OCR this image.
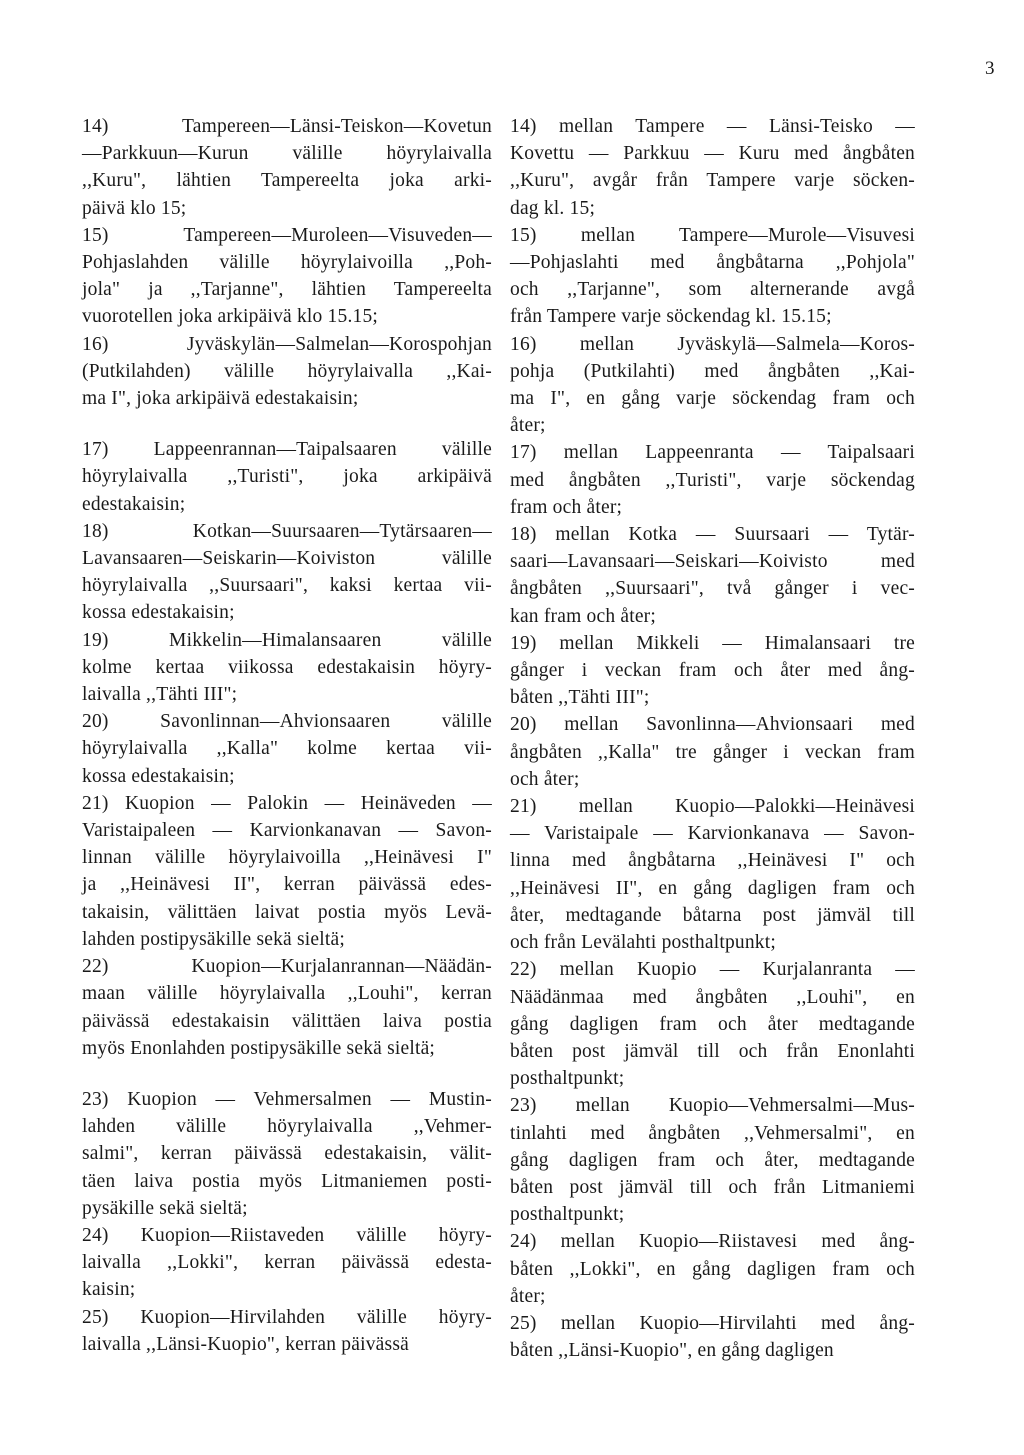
3
14) Tampereen—Länsi-Teiskon—Kovetun
—Parkkuun—Kurun välille höyrylaivalla
,,Kuru", lähtien Tampereelta joka arki-
päivä klo 15;
15) Tampereen—Muroleen—Visuveden—
Pohjaslahden välille höyrylaivoilla ,,Poh-
jola" ja ,,Tarjanne", lähtien Tampereelta
vuorotellen joka arkipäivä klo 15.15;
16) Jyväskylän—Salmelan—Korospohjan
(Putkilahden) välille höyrylaivalla ,,Kai-
ma I", joka arkipäivä edestakaisin;
17) Lappeenrannan—Taipalsaaren välille
höyrylaivalla ,,Turisti", joka arkipäivä
edestakaisin;
18) Kotkan—Suursaaren—Tytärsaaren—
Lavansaaren—Seiskarin—Koiviston välille
höyrylaivalla ,,Suursaari", kaksi kertaa vii-
kossa edestakaisin;
19) Mikkelin—Himalansaaren välille
kolme kertaa viikossa edestakaisin höyry-
laivalla ,,Tähti III";
20) Savonlinnan—Ahvionsaaren välille
höyrylaivalla ,,Kalla" kolme kertaa vii-
kossa edestakaisin;
21) Kuopion — Palokin — Heinäveden —
Varistaipaleen — Karvionkanavan — Savon-
linnan välille höyrylaivoilla ,,Heinävesi I"
ja ,,Heinävesi II", kerran päivässä edes-
takaisin, välittäen laivat postia myös Levä-
lahden postipysäkille sekä sieltä;
22) Kuopion—Kurjalanrannan—Näädän-
maan välille höyrylaivalla ,,Louhi", kerran
päivässä edestakaisin välittäen laiva postia
myös Enonlahden postipysäkille sekä sieltä;
23) Kuopion — Vehmersalmen — Mustin-
lahden välille höyrylaivalla ,,Vehmer-
salmi", kerran päivässä edestakaisin, välit-
täen laiva postia myös Litmaniemen posti-
pysäkille sekä sieltä;
24) Kuopion—Riistaveden välille höyry-
laivalla ,,Lokki", kerran päivässä edesta-
kaisin;
25) Kuopion—Hirvilahden välille höyry-
laivalla ,,Länsi-Kuopio", kerran päivässä
14) mellan Tampere — Länsi-Teisko —
Kovettu — Parkkuu — Kuru med ångbåten
,,Kuru", avgår från Tampere varje söcken-
dag kl. 15;
15) mellan Tampere—Murole—Visuvesi
—Pohjaslahti med ångbåtarna ,,Pohjola"
och ,,Tarjanne", som alternerande avgå
från Tampere varje söckendag kl. 15.15;
16) mellan Jyväskylä—Salmela—Koros-
pohja (Putkilahti) med ångbåten ,,Kai-
ma I", en gång varje söckendag fram och
åter;
17) mellan Lappeenranta — Taipalsaari
med ångbåten ,,Turisti", varje söckendag
fram och åter;
18) mellan Kotka — Suursaari — Tytär-
saari—Lavansaari—Seiskari—Koivisto med
ångbåten ,,Suursaari", två gånger i vec-
kan fram och åter;
19) mellan Mikkeli — Himalansaari tre
gånger i veckan fram och åter med ång-
båten ,,Tähti III";
20) mellan Savonlinna—Ahvionsaari med
ångbåten ,,Kalla" tre gånger i veckan fram
och åter;
21) mellan Kuopio—Palokki—Heinävesi
— Varistaipale — Karvionkanava — Savon-
linna med ångbåtarna ,,Heinävesi I" och
,,Heinävesi II", en gång dagligen fram och
åter, medtagande båtarna post jämväl till
och från Levälahti posthaltpunkt;
22) mellan Kuopio — Kurjalanranta —
Näädänmaa med ångbåten ,,Louhi", en
gång dagligen fram och åter medtagande
båten post jämväl till och från Enonlahti
posthaltpunkt;
23) mellan Kuopio—Vehmersalmi—Mus-
tinlahti med ångbåten ,,Vehmersalmi", en
gång dagligen fram och åter, medtagande
båten post jämväl till och från Litmaniemi
posthaltpunkt;
24) mellan Kuopio—Riistavesi med ång-
båten ,,Lokki", en gång dagligen fram och
åter;
25) mellan Kuopio—Hirvilahti med ång-
båten ,,Länsi-Kuopio", en gång dagligen
